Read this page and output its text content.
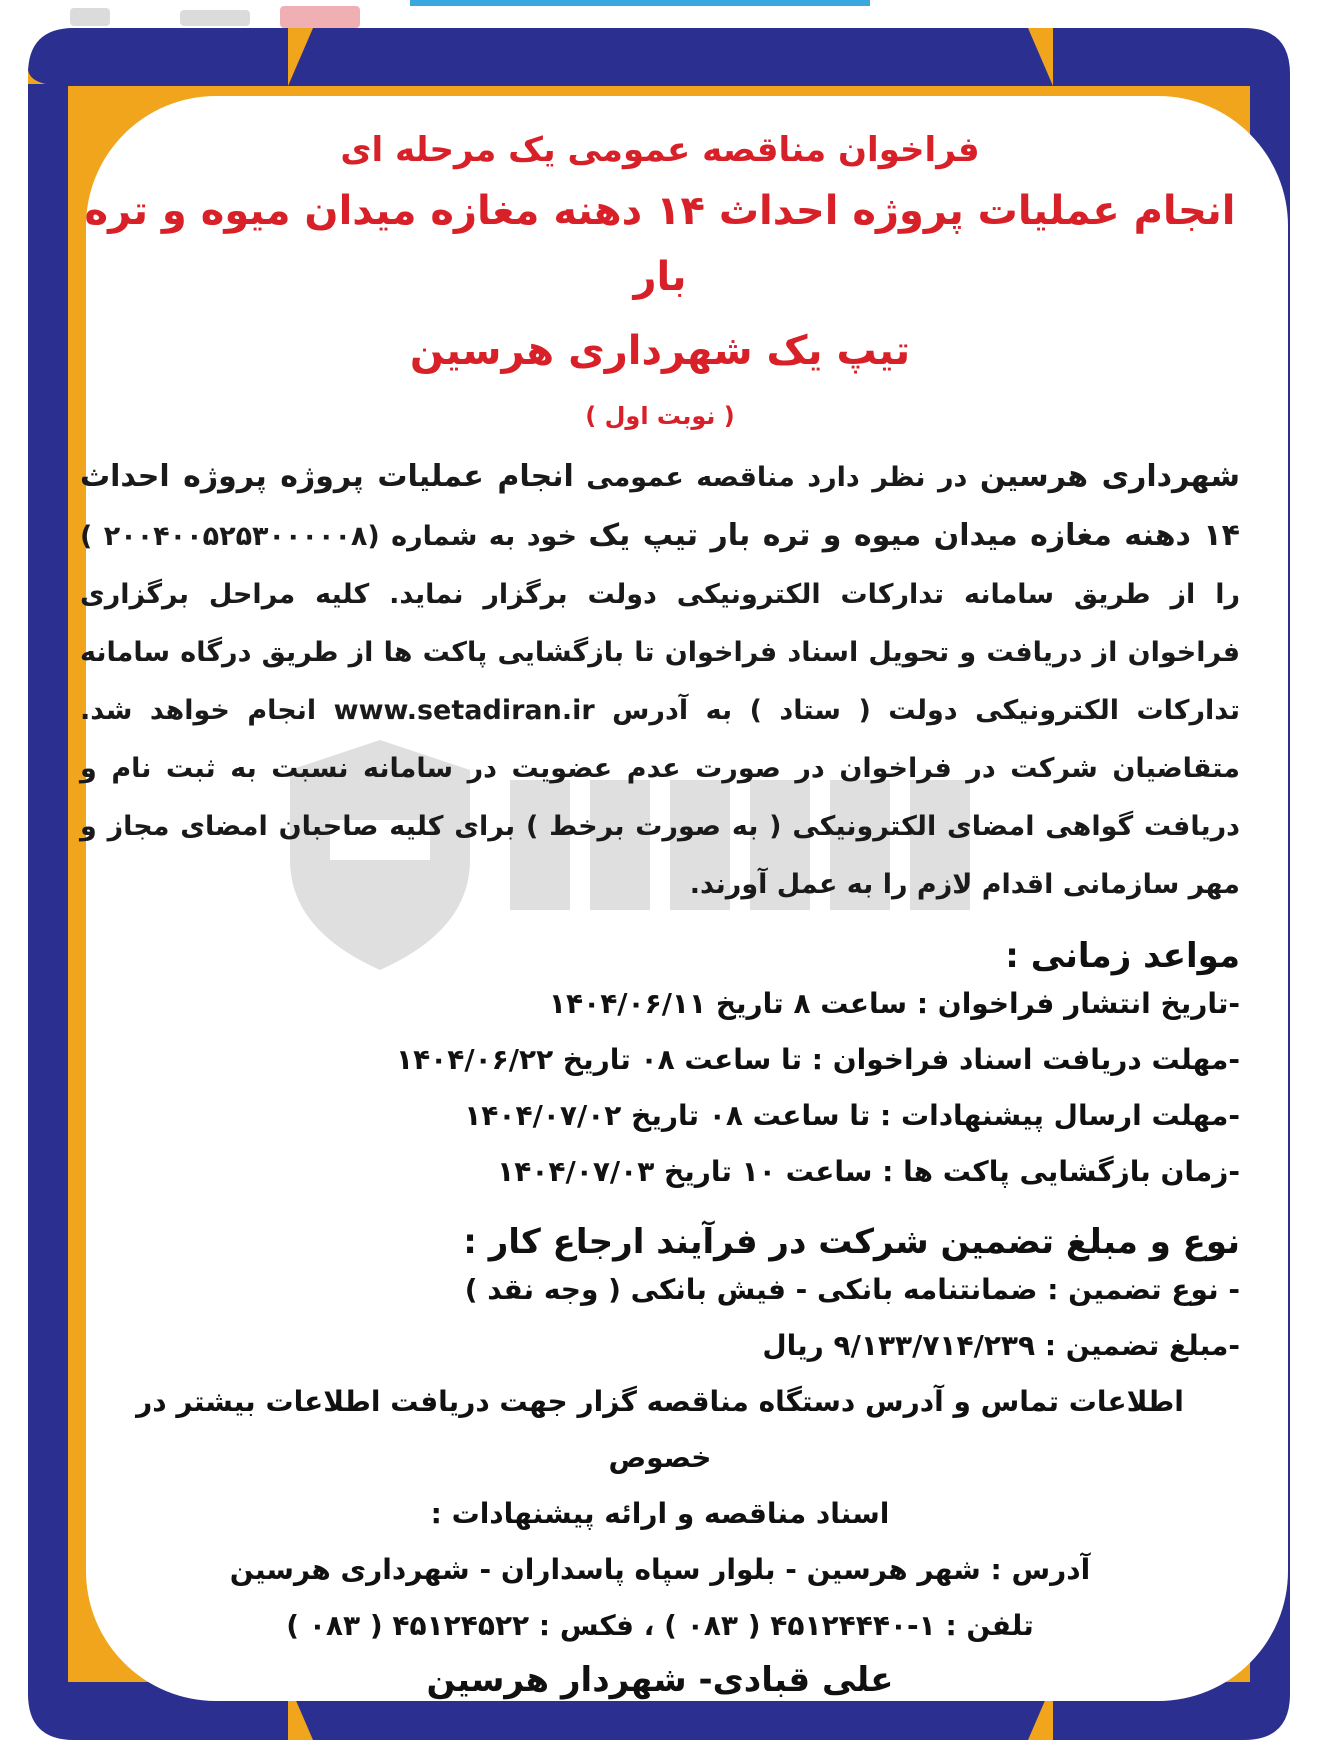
فراخوان مناقصه عمومی یک مرحله ای
انجام عملیات پروژه احداث ۱۴ دهنه مغازه میدان میوه و تره بار
تیپ یک شهرداری هرسین
( نوبت اول )
شهرداری هرسین در نظر دارد مناقصه عمومی انجام عملیات پروژه پروژه احداث ۱۴ دهنه مغازه میدان میوه و تره بار تیپ یک خود به شماره (۲۰۰۴۰۰۵۲۵۳۰۰۰۰۰۸ ) را از طریق سامانه تدارکات الکترونیکی دولت برگزار نماید. کلیه مراحل برگزاری فراخوان از دریافت و تحویل اسناد فراخوان تا بازگشایی پاکت ها از طریق درگاه سامانه تدارکات الکترونیکی دولت ( ستاد ) به آدرس www.setadiran.ir انجام خواهد شد. متقاضیان شرکت در فراخوان در صورت عدم عضویت در سامانه نسبت به ثبت نام و دریافت گواهی امضای الکترونیکی ( به صورت برخط ) برای کلیه صاحبان امضای مجاز و مهر سازمانی اقدام لازم را به عمل آورند.
مواعد زمانی :
-تاریخ انتشار فراخوان : ساعت ۸ تاریخ ۱۴۰۴/۰۶/۱۱
-مهلت دریافت اسناد فراخوان : تا ساعت ۰۸ تاریخ ۱۴۰۴/۰۶/۲۲
-مهلت ارسال پیشنهادات : تا ساعت ۰۸ تاریخ ۱۴۰۴/۰۷/۰۲
-زمان بازگشایی پاکت ها : ساعت ۱۰ تاریخ ۱۴۰۴/۰۷/۰۳
نوع و مبلغ تضمین شرکت در فرآیند ارجاع کار :
- نوع تضمین : ضمانتنامه بانکی - فیش بانکی ( وجه نقد )
-مبلغ تضمین : ۹/۱۳۳/۷۱۴/۲۳۹ ریال
اطلاعات تماس و آدرس دستگاه مناقصه گزار جهت دریافت اطلاعات بیشتر در خصوص
اسناد مناقصه و ارائه پیشنهادات :
آدرس : شهر هرسین - بلوار سپاه پاسداران - شهرداری هرسین
تلفن : ۱-۴۵۱۲۴۴۴۰ ( ۰۸۳ ) ، فکس : ۴۵۱۲۴۵۲۲ ( ۰۸۳ )
علی قبادی- شهردار هرسین
